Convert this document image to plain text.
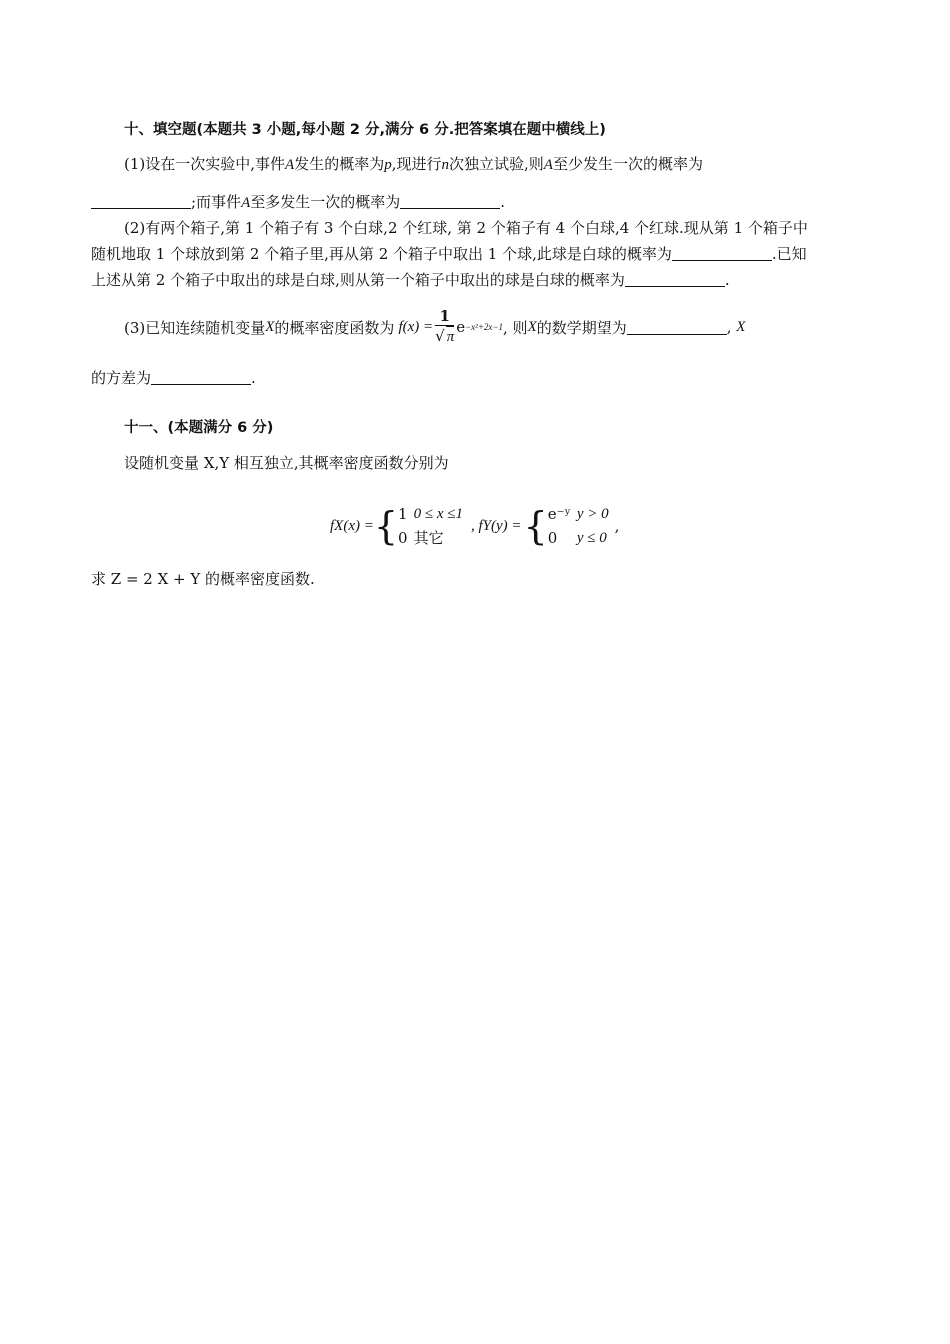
十、填空题(本题共 3 小题,每小题 2 分,满分 6 分.把答案填在题中横线上)
(1)设在一次实验中,事件A发生的概率为p,现进行n次独立试验,则A至少发生一次的概率为
;而事件A至多发生一次的概率为	.
(2)有两个箱子,第 1 个箱子有 3 个白球,2 个红球, 第 2 个箱子有 4 个白球,4 个红球.现从第 1 个箱子中
随机地取 1 个球放到第 2 个箱子里,再从第 2 个箱子中取出 1 个球,此球是白球的概率为	.已知
上述从第 2 个箱子中取出的球是白球,则从第一个箱子中取出的球是白球的概率为	.
(3)已知连续随机变量 X 的概率密度函数为 $f(x) = \frac{1}{√ \pi}$ e −x²+2x−1 , 则 X 的数学期望为	, X
的方差为	.
十一、(本题满分 6 分)
设随机变量 X,Y 相互独立,其概率密度函数分别为
fX(x) = { 1	0 ≤ x ≤1
0	其它
, fY(y) = { e⁻ʸ	y > 0
0	y ≤ 0
,
求 Z = 2 X + Y 的概率密度函数.
